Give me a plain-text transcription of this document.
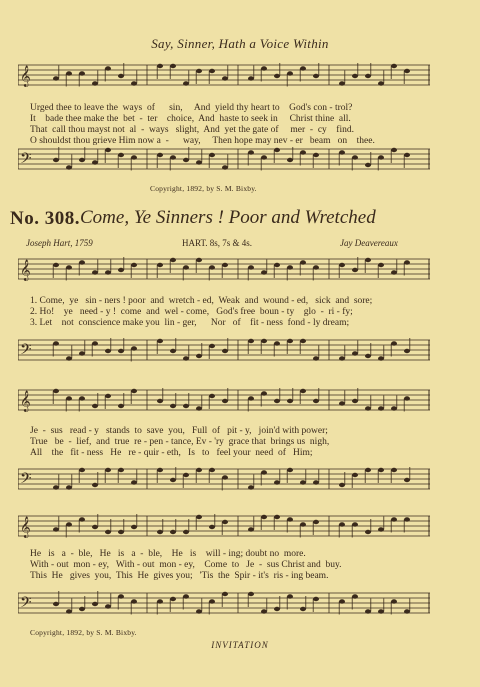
Say, Sinner, Hath a Voice Within
𝄞
Urged thee to leave the  ways  of      sin,     And  yield thy heart to    God's con - trol?
It    bade thee make the  bet  -  ter    choice,  And  haste to seek in     Christ thine  all.
That  call thou mayst not  al  -  ways   slight,  And  yet the gate of     mer  -  cy    find.
O shouldst thou grieve Him now a  -      way,     Then hope may nev - er   beam   on    thee.
𝄢
Copyright, 1892, by S. M. Bixby.
No. 308. Come, Ye Sinners ! Poor and Wretched
Joseph Hart, 1759	HART. 8s, 7s & 4s.	Jay Deavereaux
𝄞
1. Come,  ye   sin - ners ! poor  and  wretch - ed,  Weak  and  wound - ed,   sick  and  sore;
2. Ho!    ye   need - y !  come  and  wel - come,   God's free  boun - ty    glo  -  ri - fy;
3. Let    not  conscience make you  lin - ger,      Nor   of    fit - ness  fond - ly dream;
𝄢
𝄞
Je  -  sus   read - y   stands  to  save  you,   Full  of   pit - y,   join'd with power;
True   be  -  lief,  and  true  re - pen - tance, Ev - 'ry  grace that  brings us  nigh,
All    the   fit - ness   He   re - quir - eth,   Is   to   feel your  need  of   Him;
𝄢
𝄞
He   is   a  -  ble,   He   is   a  -  ble,    He   is    will - ing; doubt no  more.
With - out  mon - ey,   With - out  mon - ey,    Come  to   Je  -  sus Christ and  buy.
This  He   gives  you,  This  He  gives you;   'Tis  the  Spir - it's  ris - ing beam.
𝄢
Copyright, 1892, by S. M. Bixby.
INVITATION
